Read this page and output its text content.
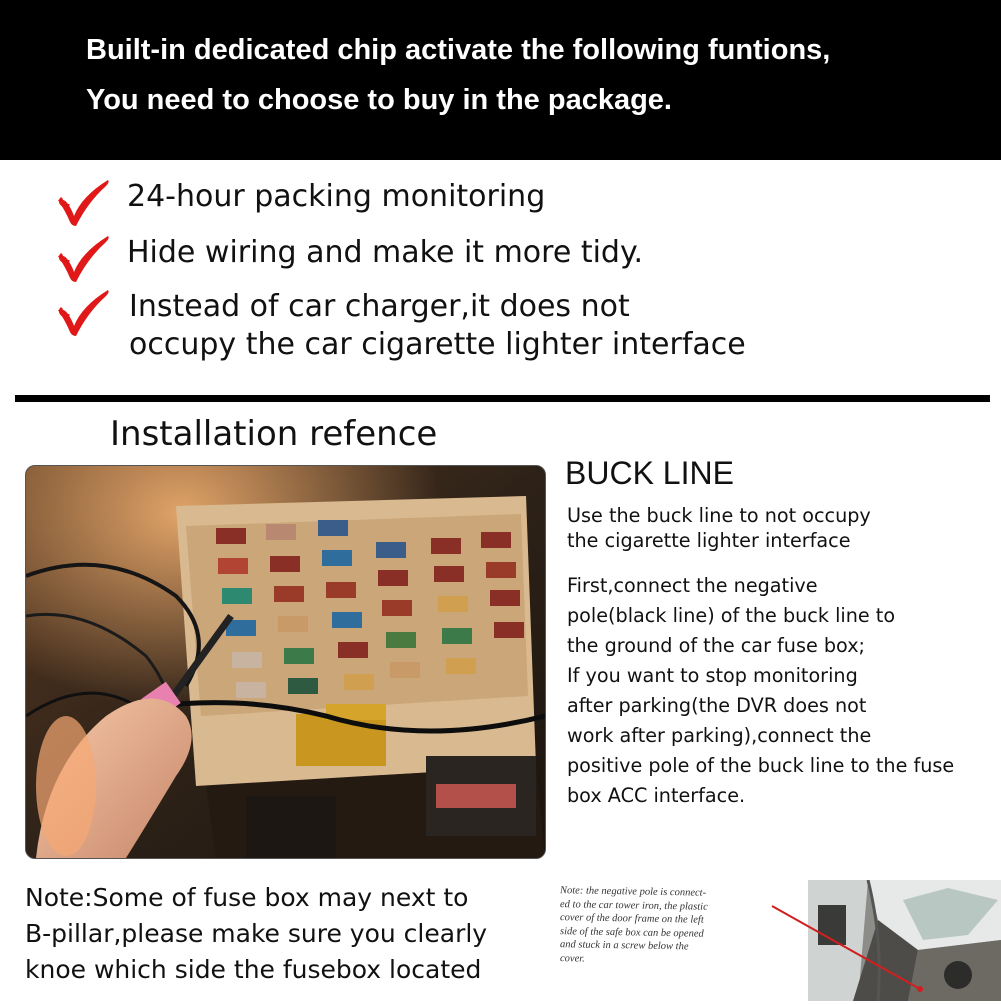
Built-in dedicated chip activate the following funtions,
You need to choose to buy in the package.
24-hour packing monitoring
Hide wiring and make it more tidy.
Instead of car charger,it does not
occupy the car cigarette lighter interface
Installation refence
BUCK LINE
Use the buck line to not occupy
the cigarette lighter interface
First,connect the negative
pole(black line) of the buck line to
the ground of the car fuse box;
If you want to stop monitoring
after parking(the DVR does not
work after parking),connect the
positive pole of the buck line to the fuse
box ACC interface.
Note:Some of fuse box may next to
B-pillar,please make sure you clearly
knoe which side the fusebox located
Note: the negative pole is connect-
ed to the car tower iron, the plastic
cover of the door frame on the left
side of the safe box can be opened
and stuck in a screw below the
cover.
